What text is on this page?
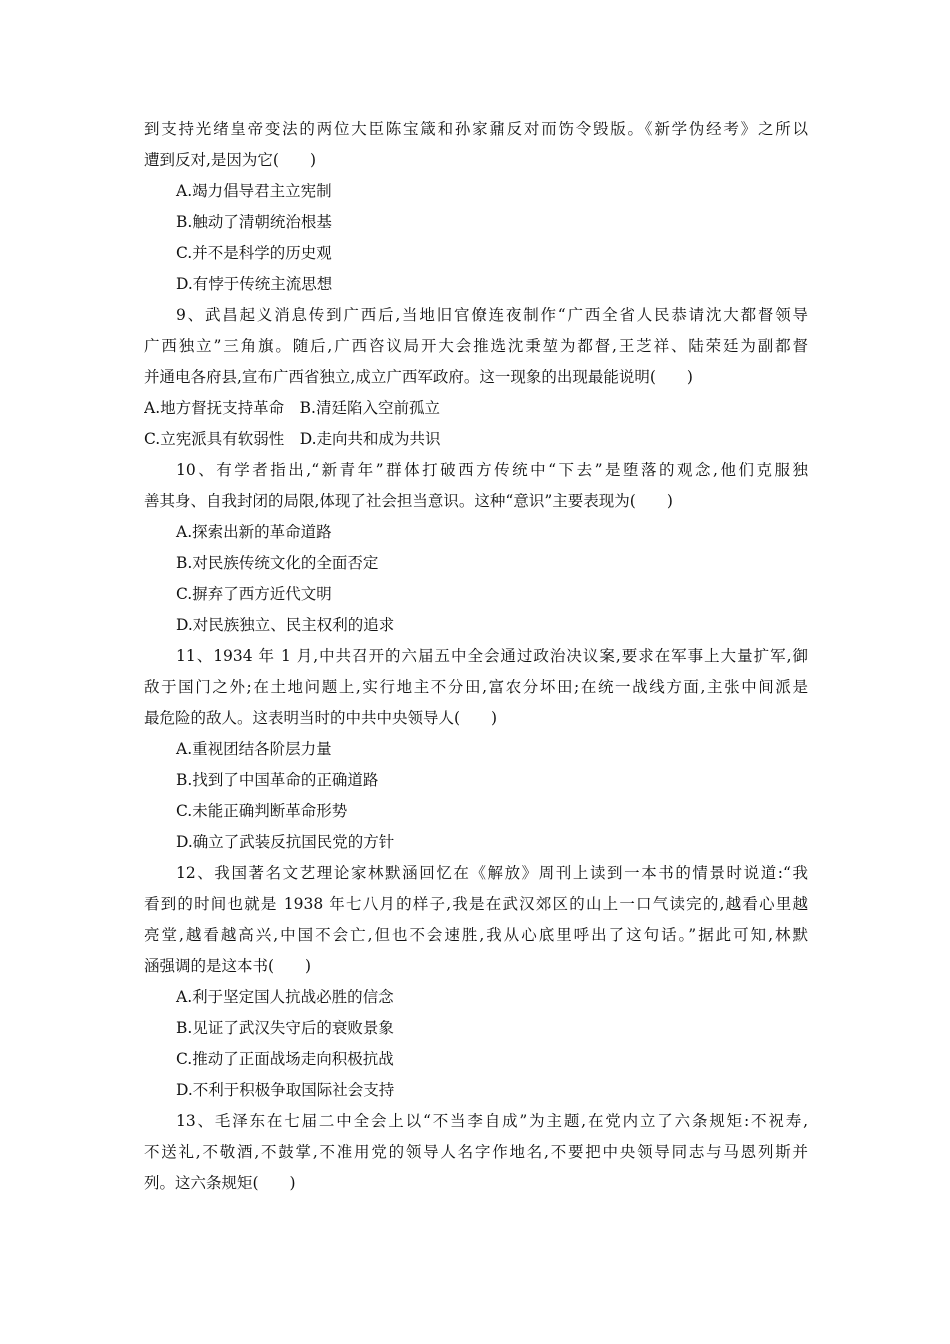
到支持光绪皇帝变法的两位大臣陈宝箴和孙家鼐反对而饬令毁版。《新学伪经考》之所以
遭到反对,是因为它(　　)
A.竭力倡导君主立宪制
B.触动了清朝统治根基
C.并不是科学的历史观
D.有悖于传统主流思想
9、武昌起义消息传到广西后,当地旧官僚连夜制作“广西全省人民恭请沈大都督领导
广西独立”三角旗。随后,广西咨议局开大会推选沈秉堃为都督,王芝祥、陆荣廷为副都督
并通电各府县,宣布广西省独立,成立广西军政府。这一现象的出现最能说明(　　)
A.地方督抚支持革命　B.清廷陷入空前孤立
C.立宪派具有软弱性　D.走向共和成为共识
10、有学者指出,“新青年”群体打破西方传统中“下去”是堕落的观念,他们克服独
善其身、自我封闭的局限,体现了社会担当意识。这种“意识”主要表现为(　　)
A.探索出新的革命道路
B.对民族传统文化的全面否定
C.摒弃了西方近代文明
D.对民族独立、民主权利的追求
11、1934 年 1 月,中共召开的六届五中全会通过政治决议案,要求在军事上大量扩军,御
敌于国门之外;在土地问题上,实行地主不分田,富农分坏田;在统一战线方面,主张中间派是
最危险的敌人。这表明当时的中共中央领导人(　　)
A.重视团结各阶层力量
B.找到了中国革命的正确道路
C.未能正确判断革命形势
D.确立了武装反抗国民党的方针
12、我国著名文艺理论家林默涵回忆在《解放》周刊上读到一本书的情景时说道:“我
看到的时间也就是 1938 年七八月的样子,我是在武汉郊区的山上一口气读完的,越看心里越
亮堂,越看越高兴,中国不会亡,但也不会速胜,我从心底里呼出了这句话。”据此可知,林默
涵强调的是这本书(　　)
A.利于坚定国人抗战必胜的信念
B.见证了武汉失守后的衰败景象
C.推动了正面战场走向积极抗战
D.不利于积极争取国际社会支持
13、毛泽东在七届二中全会上以“不当李自成”为主题,在党内立了六条规矩:不祝寿,
不送礼,不敬酒,不鼓掌,不准用党的领导人名字作地名,不要把中央领导同志与马恩列斯并
列。这六条规矩(　　)
